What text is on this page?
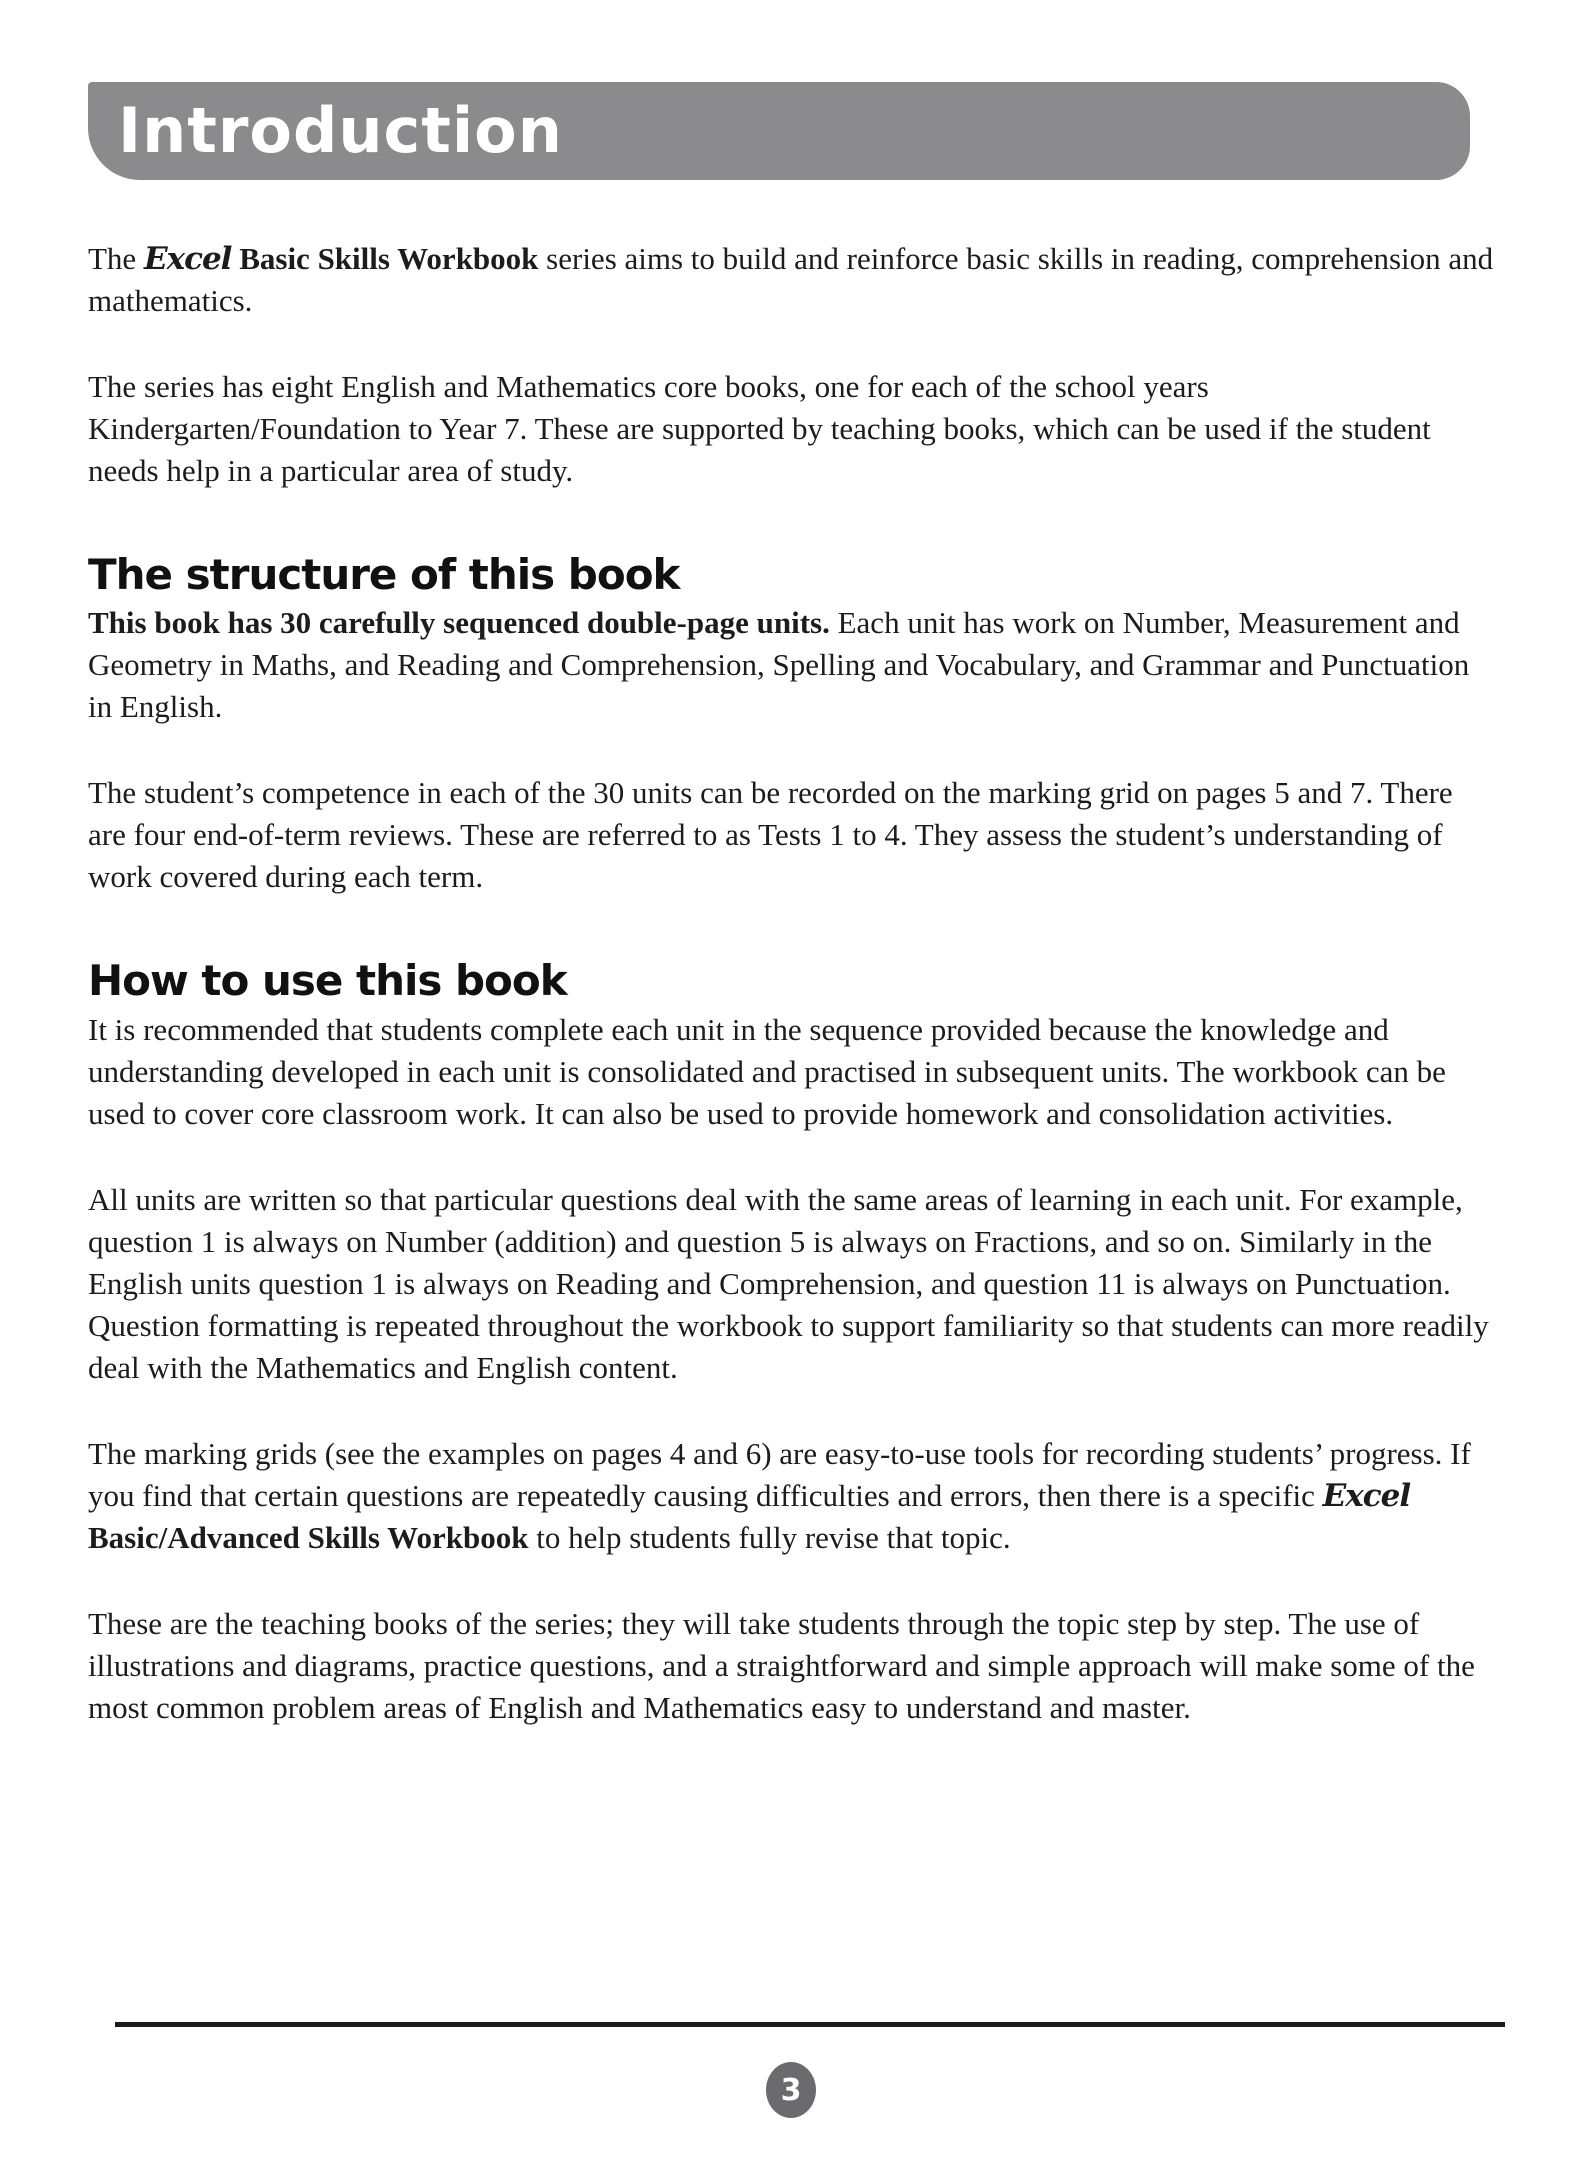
Introduction

The Excel Basic Skills Workbook series aims to build and reinforce basic skills in reading, comprehension and mathematics.

The series has eight English and Mathematics core books, one for each of the school years Kindergarten/Foundation to Year 7. These are supported by teaching books, which can be used if the student needs help in a particular area of study.

The structure of this book

This book has 30 carefully sequenced double-page units. Each unit has work on Number, Measurement and Geometry in Maths, and Reading and Comprehension, Spelling and Vocabulary, and Grammar and Punctuation in English.

The student’s competence in each of the 30 units can be recorded on the marking grid on pages 5 and 7. There are four end-of-term reviews. These are referred to as Tests 1 to 4. They assess the student’s understanding of work covered during each term.

How to use this book

It is recommended that students complete each unit in the sequence provided because the knowledge and understanding developed in each unit is consolidated and practised in subsequent units. The workbook can be used to cover core classroom work. It can also be used to provide homework and consolidation activities.

All units are written so that particular questions deal with the same areas of learning in each unit. For example, question 1 is always on Number (addition) and question 5 is always on Fractions, and so on. Similarly in the English units question 1 is always on Reading and Comprehension, and question 11 is always on Punctuation. Question formatting is repeated throughout the workbook to support familiarity so that students can more readily deal with the Mathematics and English content.

The marking grids (see the examples on pages 4 and 6) are easy-to-use tools for recording students’ progress. If you find that certain questions are repeatedly causing difficulties and errors, then there is a specific Excel Basic/Advanced Skills Workbook to help students fully revise that topic.

These are the teaching books of the series; they will take students through the topic step by step. The use of illustrations and diagrams, practice questions, and a straightforward and simple approach will make some of the most common problem areas of English and Mathematics easy to understand and master.

3
